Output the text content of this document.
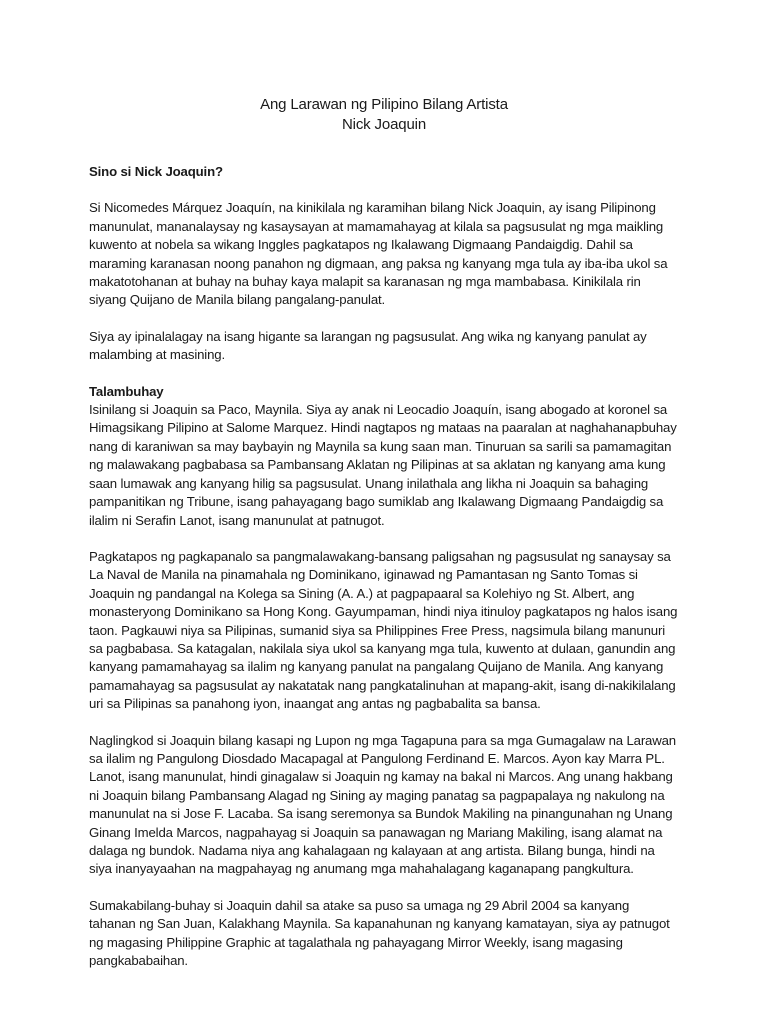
Ang Larawan ng Pilipino Bilang Artista
Nick Joaquin

Sino si Nick Joaquin?

Si Nicomedes Márquez Joaquín, na kinikilala ng karamihan bilang Nick Joaquin, ay isang Pilipinong manunulat, mananalaysay ng kasaysayan at mamamahayag at kilala sa pagsusulat ng mga maikling kuwento at nobela sa wikang Inggles pagkatapos ng Ikalawang Digmaang Pandaigdig. Dahil sa maraming karanasan noong panahon ng digmaan, ang paksa ng kanyang mga tula ay iba-iba ukol sa makatotohanan at buhay na buhay kaya malapit sa karanasan ng mga mambabasa. Kinikilala rin siyang Quijano de Manila bilang pangalang-panulat.

Siya ay ipinalalagay na isang higante sa larangan ng pagsusulat. Ang wika ng kanyang panulat ay malambing at masining.

Talambuhay

Isinilang si Joaquin sa Paco, Maynila. Siya ay anak ni Leocadio Joaquín, isang abogado at koronel sa Himagsikang Pilipino at Salome Marquez. Hindi nagtapos ng mataas na paaralan at naghahanapbuhay nang di karaniwan sa may baybayin ng Maynila sa kung saan man. Tinuruan sa sarili sa pamamagitan ng malawakang pagbabasa sa Pambansang Aklatan ng Pilipinas at sa aklatan ng kanyang ama kung saan lumawak ang kanyang hilig sa pagsusulat. Unang inilathala ang likha ni Joaquin sa bahaging pampanitikan ng Tribune, isang pahayagang bago sumiklab ang Ikalawang Digmaang Pandaigdig sa ilalim ni Serafin Lanot, isang manunulat at patnugot.

Pagkatapos ng pagkapanalo sa pangmalawakang-bansang paligsahan ng pagsusulat ng sanaysay sa La Naval de Manila na pinamahala ng Dominikano, iginawad ng Pamantasan ng Santo Tomas si Joaquin ng pandangal na Kolega sa Sining (A. A.) at pagpapaaral sa Kolehiyo ng St. Albert, ang monasteryong Dominikano sa Hong Kong. Gayumpaman, hindi niya itinuloy pagkatapos ng halos isang taon. Pagkauwi niya sa Pilipinas, sumanid siya sa Philippines Free Press, nagsimula bilang manunuri sa pagbabasa. Sa katagalan, nakilala siya ukol sa kanyang mga tula, kuwento at dulaan, ganundin ang kanyang pamamahayag sa ilalim ng kanyang panulat na pangalang Quijano de Manila. Ang kanyang pamamahayag sa pagsusulat ay nakatatak nang pangkatalinuhan at mapang-akit, isang di-nakikilalang uri sa Pilipinas sa panahong iyon, inaangat ang antas ng pagbabalita sa bansa.

Naglingkod si Joaquin bilang kasapi ng Lupon ng mga Tagapuna para sa mga Gumagalaw na Larawan sa ilalim ng Pangulong Diosdado Macapagal at Pangulong Ferdinand E. Marcos. Ayon kay Marra PL. Lanot, isang manunulat, hindi ginagalaw si Joaquin ng kamay na bakal ni Marcos. Ang unang hakbang ni Joaquin bilang Pambansang Alagad ng Sining ay maging panatag sa pagpapalaya ng nakulong na manunulat na si Jose F. Lacaba. Sa isang seremonya sa Bundok Makiling na pinangunahan ng Unang Ginang Imelda Marcos, nagpahayag si Joaquin sa panawagan ng Mariang Makiling, isang alamat na dalaga ng bundok. Nadama niya ang kahalagaan ng kalayaan at ang artista. Bilang bunga, hindi na siya inanyayaahan na magpahayag ng anumang mga mahahalagang kaganapang pangkultura.

Sumakabilang-buhay si Joaquin dahil sa atake sa puso sa umaga ng 29 Abril 2004 sa kanyang tahanan ng San Juan, Kalakhang Maynila. Sa kapanahunan ng kanyang kamatayan, siya ay patnugot ng magasing Philippine Graphic at tagalathala ng pahayagang Mirror Weekly, isang magasing pangkababaihan.
